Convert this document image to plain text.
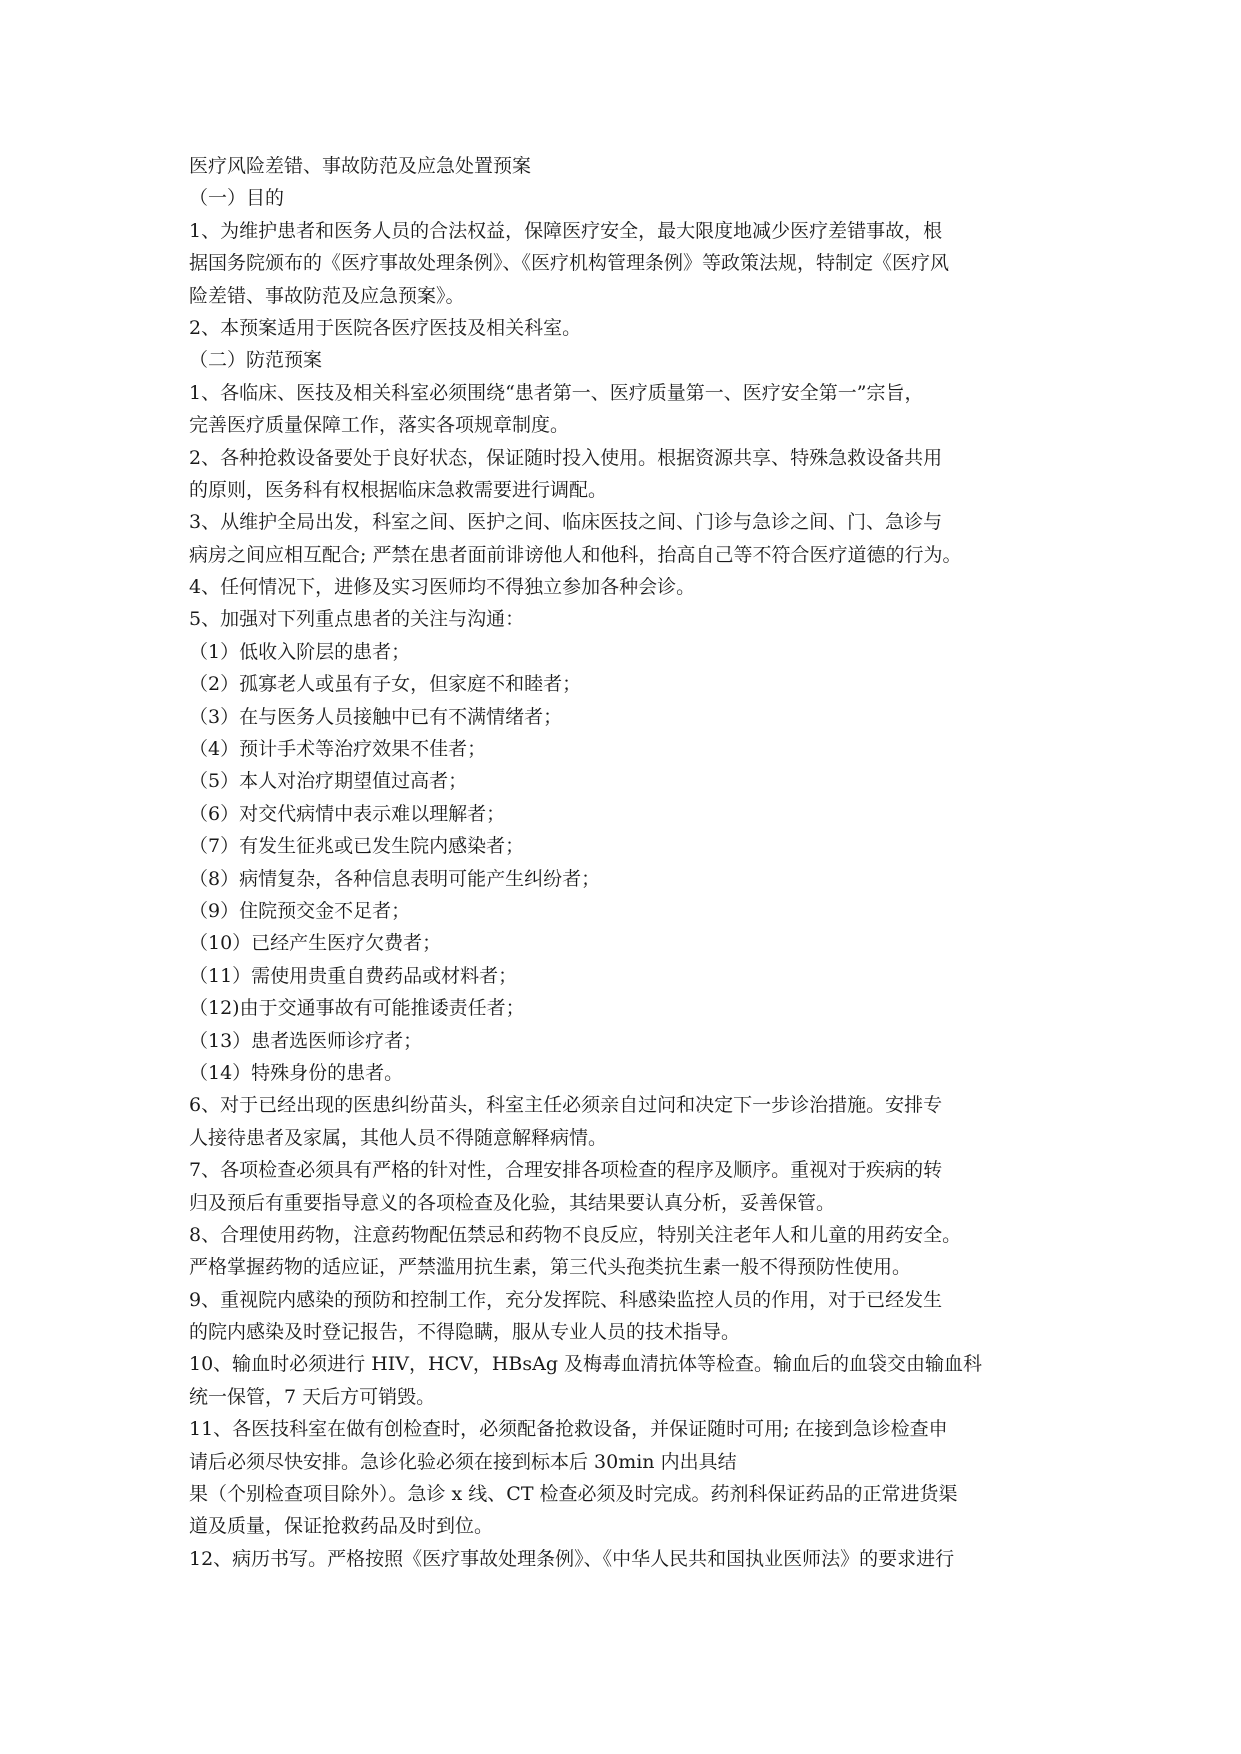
医疗风险差错、事故防范及应急处置预案

（一）目的

1、为维护患者和医务人员的合法权益，保障医疗安全，最大限度地减少医疗差错事故，根

据国务院颁布的《医疗事故处理条例》、《医疗机构管理条例》等政策法规，特制定《医疗风

险差错、事故防范及应急预案》。

2、本预案适用于医院各医疗医技及相关科室。

（二）防范预案

1、各临床、医技及相关科室必须围绕“患者第一、医疗质量第一、医疗安全第一”宗旨，

完善医疗质量保障工作，落实各项规章制度。

2、各种抢救设备要处于良好状态，保证随时投入使用。根据资源共享、特殊急救设备共用

的原则，医务科有权根据临床急救需要进行调配。

3、从维护全局出发，科室之间、医护之间、临床医技之间、门诊与急诊之间、门、急诊与

病房之间应相互配合; 严禁在患者面前诽谤他人和他科，抬高自己等不符合医疗道德的行为。

4、任何情况下，进修及实习医师均不得独立参加各种会诊。

5、加强对下列重点患者的关注与沟通：

（1）低收入阶层的患者；

（2）孤寡老人或虽有子女，但家庭不和睦者；

（3）在与医务人员接触中已有不满情绪者；

（4）预计手术等治疗效果不佳者；

（5）本人对治疗期望值过高者；

（6）对交代病情中表示难以理解者；

（7）有发生征兆或已发生院内感染者；

（8）病情复杂，各种信息表明可能产生纠纷者；

（9）住院预交金不足者；

（10）已经产生医疗欠费者；

（11）需使用贵重自费药品或材料者；

（12)由于交通事故有可能推诿责任者；

（13）患者选医师诊疗者；

（14）特殊身份的患者。

6、对于已经出现的医患纠纷苗头，科室主任必须亲自过问和决定下一步诊治措施。安排专

人接待患者及家属，其他人员不得随意解释病情。

7、各项检查必须具有严格的针对性，合理安排各项检查的程序及顺序。重视对于疾病的转

归及预后有重要指导意义的各项检查及化验，其结果要认真分析，妥善保管。

8、合理使用药物，注意药物配伍禁忌和药物不良反应，特别关注老年人和儿童的用药安全。

严格掌握药物的适应证，严禁滥用抗生素，第三代头孢类抗生素一般不得预防性使用。

9、重视院内感染的预防和控制工作，充分发挥院、科感染监控人员的作用，对于已经发生

的院内感染及时登记报告，不得隐瞒，服从专业人员的技术指导。

10、输血时必须进行 HIV，HCV，HBsAg 及梅毒血清抗体等检查。输血后的血袋交由输血科

统一保管，7 天后方可销毁。

11、各医技科室在做有创检查时，必须配备抢救设备，并保证随时可用; 在接到急诊检查申

请后必须尽快安排。急诊化验必须在接到标本后 30min 内出具结

果（个别检查项目除外）。急诊 x 线、CT 检查必须及时完成。药剂科保证药品的正常进货渠

道及质量，保证抢救药品及时到位。

12、病历书写。严格按照《医疗事故处理条例》、《中华人民共和国执业医师法》的要求进行
